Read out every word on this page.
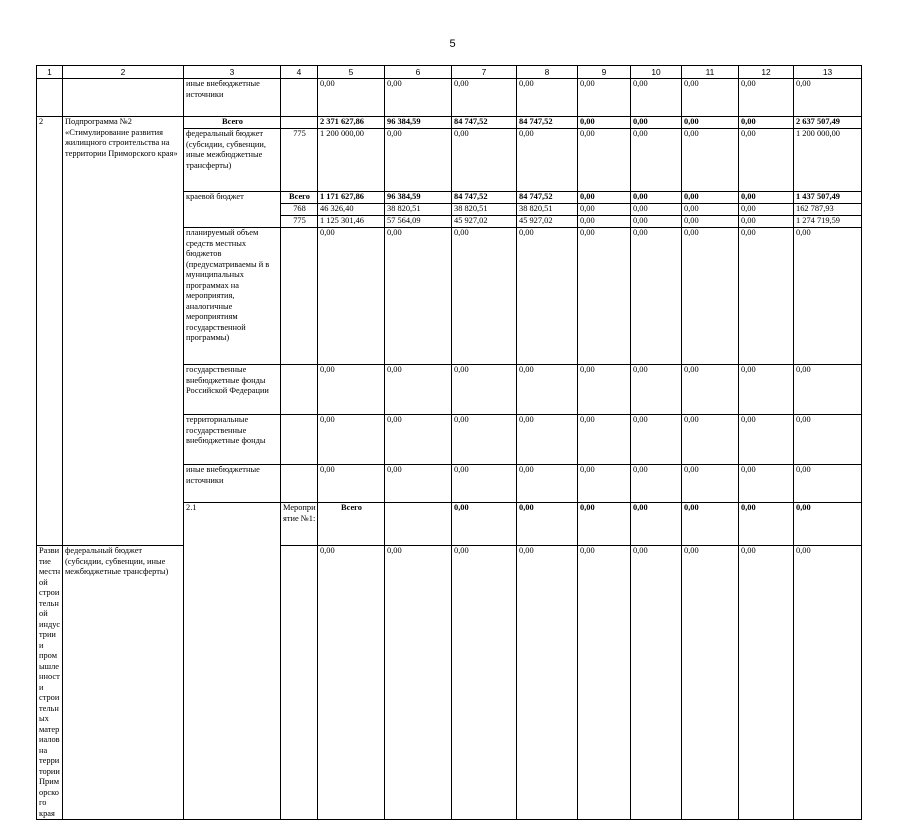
5
1	2	3	4	5	6	7	8	9	10	11	12	13	
		иные внебюджетные источники		0,00	0,00	0,00	0,00	0,00	0,00	0,00	0,00	0,00	
2	Подпрограмма №2 «Стимулирование развития жилищного строительства на территории Приморского края»	Всего		2 371 627,86	96 384,59	84 747,52	84 747,52	0,00	0,00	0,00	0,00	2 637 507,49	
		федеральный бюджет (субсидии, субвенции, иные межбюджетные трансферты)	775	1 200 000,00	0,00	0,00	0,00	0,00	0,00	0,00	0,00	1 200 000,00	
		краевой бюджет	Всего	1 171 627,86	96 384,59	84 747,52	84 747,52	0,00	0,00	0,00	0,00	1 437 507,49	
			768	46 326,40	38 820,51	38 820,51	38 820,51	0,00	0,00	0,00	0,00	162 787,93	
			775	1 125 301,46	57 564,09	45 927,02	45 927,02	0,00	0,00	0,00	0,00	1 274 719,59	
		планируемый объем средств местных бюджетов (предусматриваемы й в муниципальных программах на мероприятия, аналогичные мероприятиям государственной программы)		0,00	0,00	0,00	0,00	0,00	0,00	0,00	0,00	0,00	
		государственные внебюджетные фонды Российской Федерации		0,00	0,00	0,00	0,00	0,00	0,00	0,00	0,00	0,00	
		территориальные государственные внебюджетные фонды		0,00	0,00	0,00	0,00	0,00	0,00	0,00	0,00	0,00	
		иные внебюджетные источники		0,00	0,00	0,00	0,00	0,00	0,00	0,00	0,00	0,00	
		2.1	Мероприятие №1:	Всего		0,00	0,00	0,00	0,00	0,00	0,00	0,00		
Развитие местной строительной индустрии и промышленности строительных материалов на территории Приморского края	федеральный бюджет (субсидии, субвенции, иные межбюджетные трансферты)			0,00	0,00	0,00	0,00	0,00	0,00	0,00	0,00	0,00	
